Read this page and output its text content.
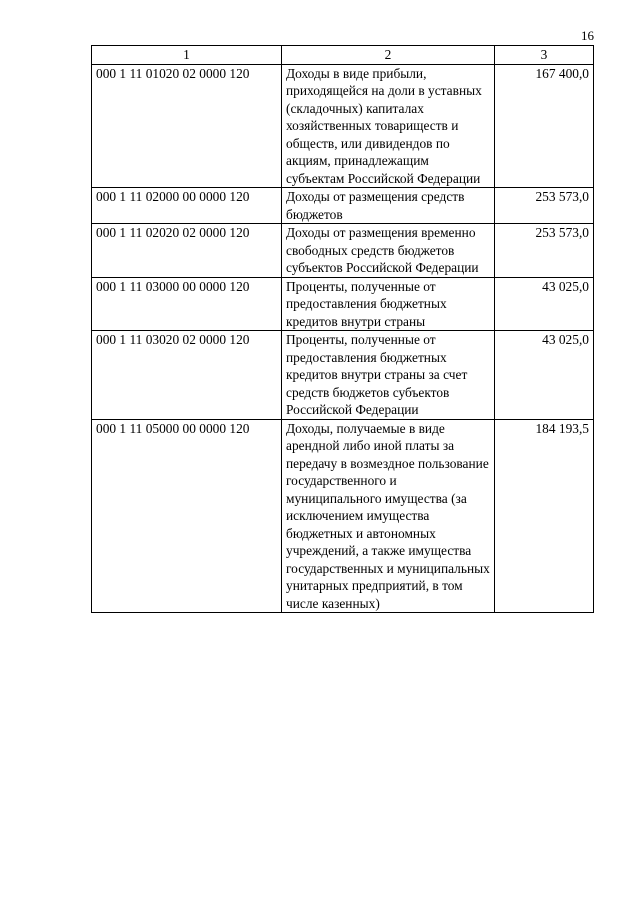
16
1	2	3
000 1 11 01020 02 0000 120	Доходы в виде прибыли, приходящейся на доли в уставных (складочных) капиталах хозяйственных товариществ и обществ, или дивидендов по акциям, принадлежащим субъектам Российской Федерации	167 400,0
000 1 11 02000 00 0000 120	Доходы от размещения средств бюджетов	253 573,0
000 1 11 02020 02 0000 120	Доходы от размещения временно свободных средств бюджетов субъектов Российской Федерации	253 573,0
000 1 11 03000 00 0000 120	Проценты, полученные от предоставления бюджетных кредитов внутри страны	43 025,0
000 1 11 03020 02 0000 120	Проценты, полученные от предоставления бюджетных кредитов внутри страны за счет средств бюджетов субъектов Российской Федерации	43 025,0
000 1 11 05000 00 0000 120	Доходы, получаемые в виде арендной либо иной платы за передачу в возмездное пользование государственного и муниципального имущества (за исключением имущества бюджетных и автономных учреждений, а также имущества государственных и муниципальных унитарных предприятий, в том числе казенных)	184 193,5
